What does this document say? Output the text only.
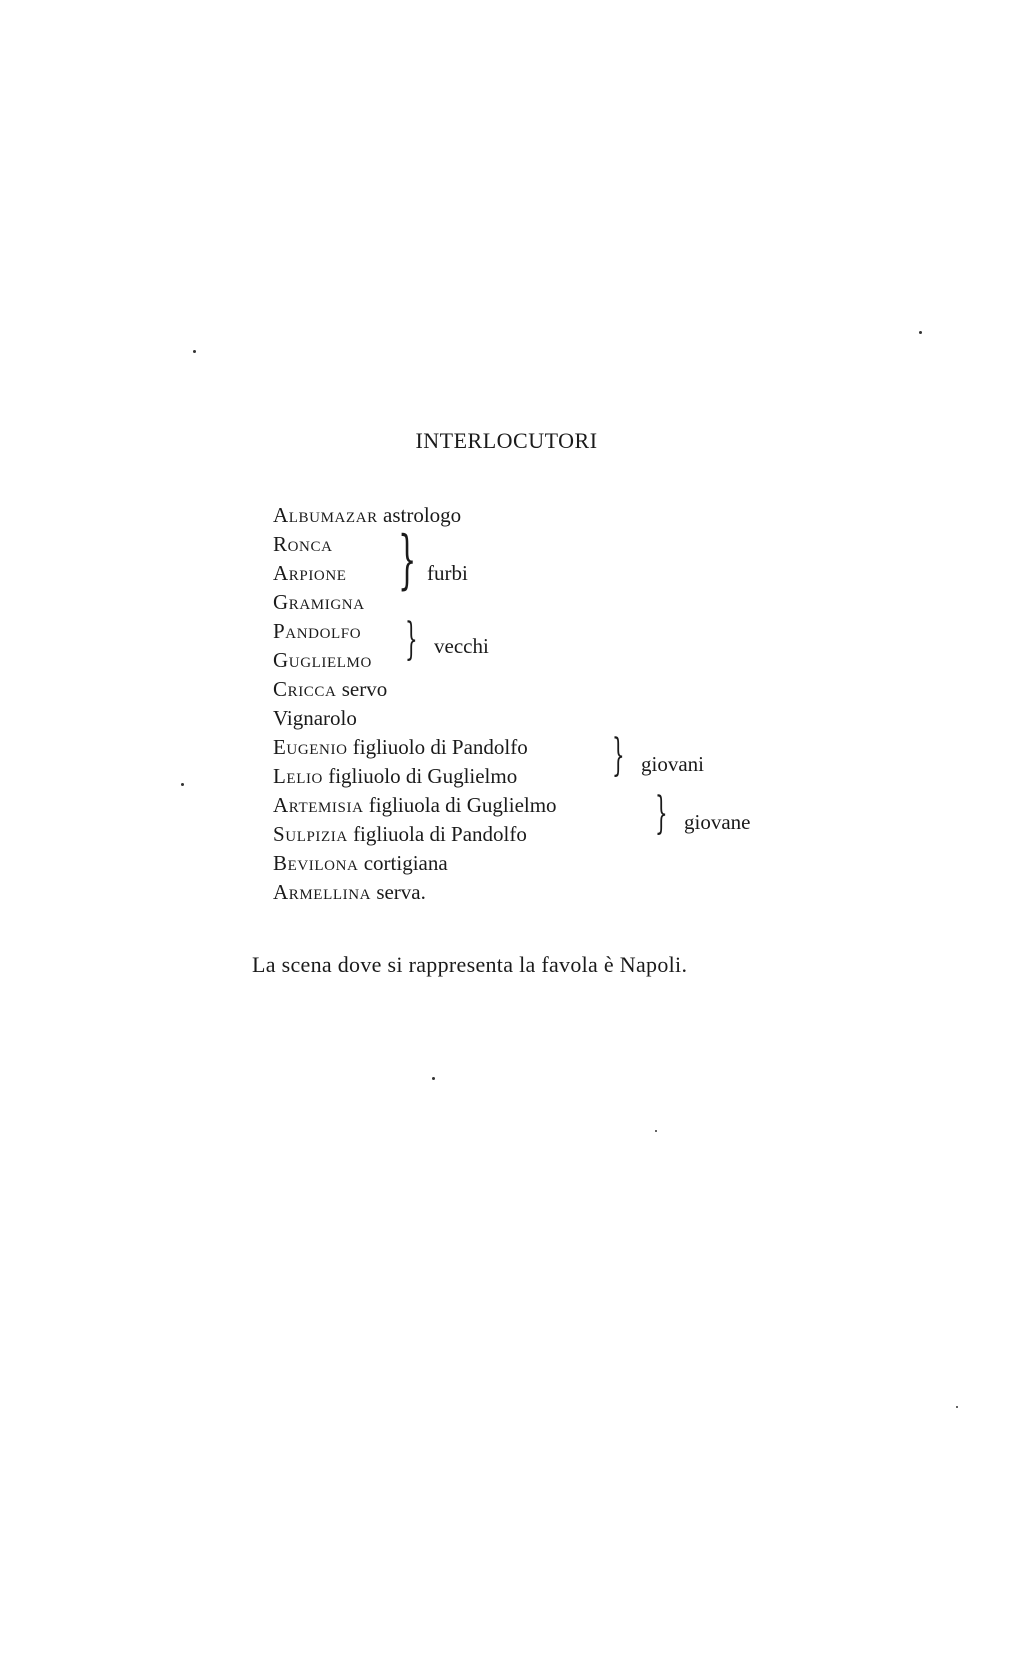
INTERLOCUTORI
Albumazar astrologo
Ronca
Arpione
Gramigna
} furbi
Pandolfo
Guglielmo } vecchi
Cricca servo
Vignarolo
Eugenio figliuolo di Pandolfo
Lelio figliuolo di Guglielmo } giovani
Artemisia figliuola di Guglielmo
Sulpizia figliuola di Pandolfo	} giovane
Bevilona cortigiana
Armellina serva.
La scena dove si rappresenta la favola è Napoli.
